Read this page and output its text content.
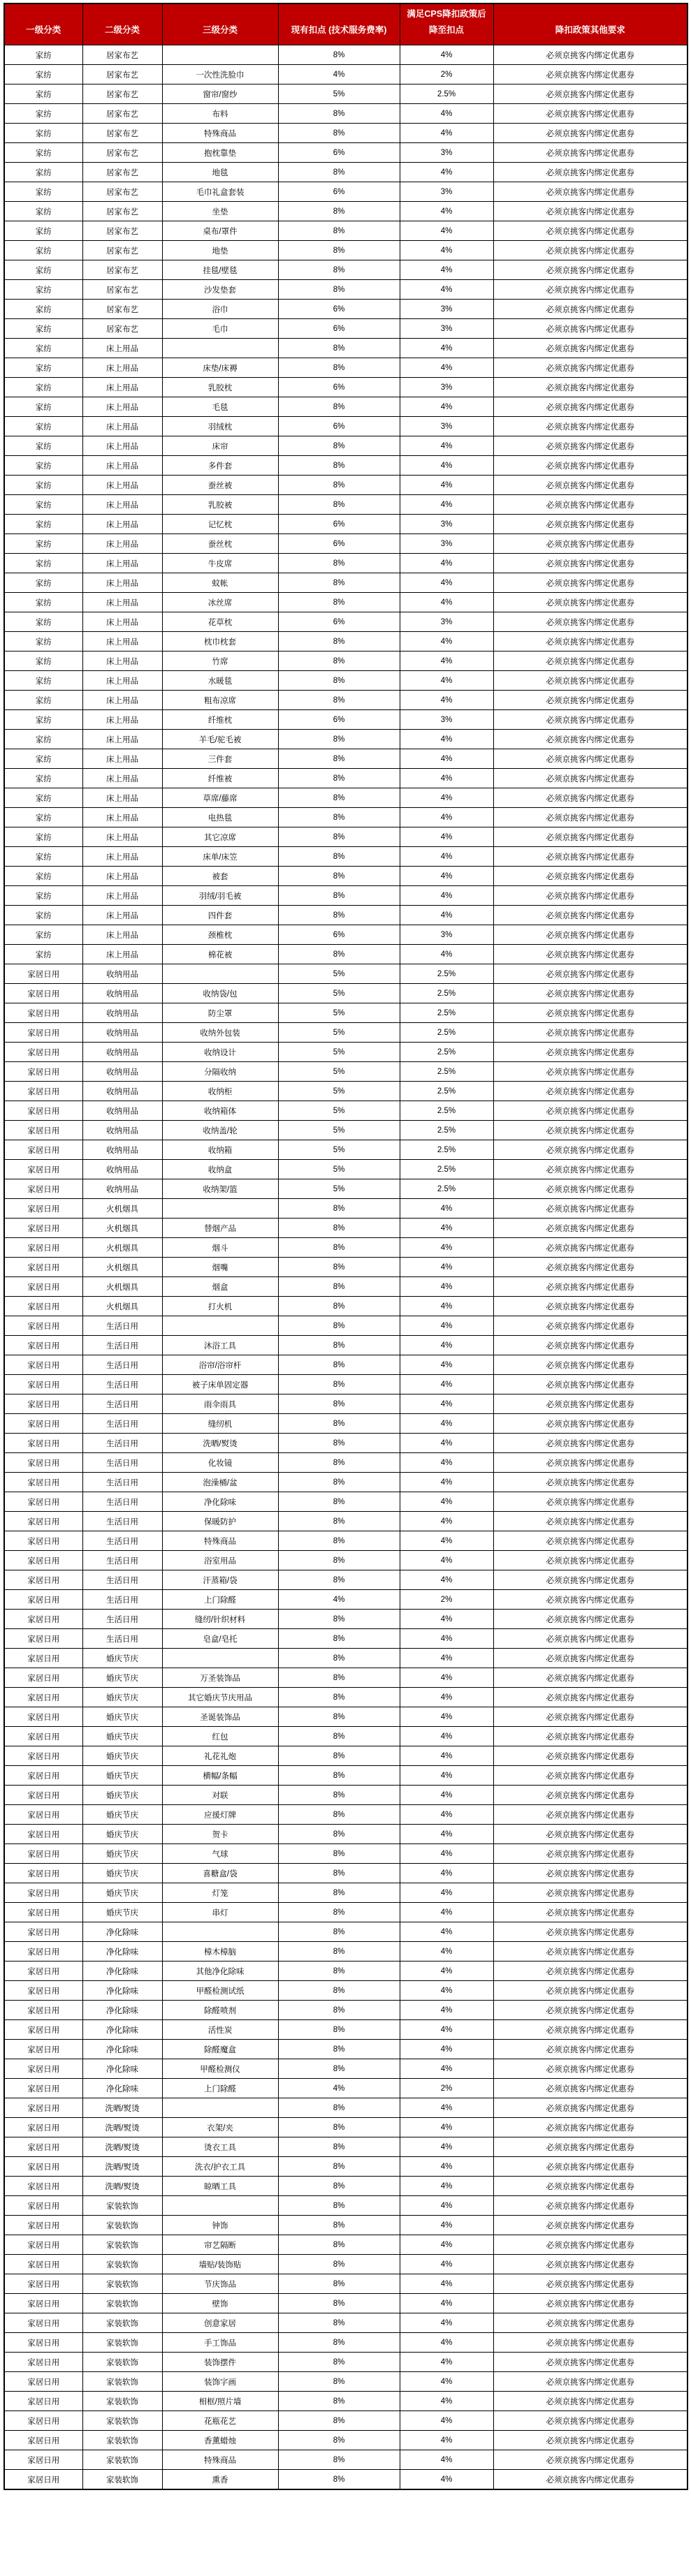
一级分类	二级分类	三级分类	现有扣点 (技术服务费率)	满足CPS降扣政策后降至扣点	降扣政策其他要求
家纺	居家布艺		8%	4%	必须京挑客内绑定优惠券
家纺	居家布艺	一次性洗脸巾	4%	2%	必须京挑客内绑定优惠券
家纺	居家布艺	窗帘/窗纱	5%	2.5%	必须京挑客内绑定优惠券
家纺	居家布艺	布料	8%	4%	必须京挑客内绑定优惠券
家纺	居家布艺	特殊商品	8%	4%	必须京挑客内绑定优惠券
家纺	居家布艺	抱枕靠垫	6%	3%	必须京挑客内绑定优惠券
家纺	居家布艺	地毯	8%	4%	必须京挑客内绑定优惠券
家纺	居家布艺	毛巾礼盒套装	6%	3%	必须京挑客内绑定优惠券
家纺	居家布艺	坐垫	8%	4%	必须京挑客内绑定优惠券
家纺	居家布艺	桌布/罩件	8%	4%	必须京挑客内绑定优惠券
家纺	居家布艺	地垫	8%	4%	必须京挑客内绑定优惠券
家纺	居家布艺	挂毯/壁毯	8%	4%	必须京挑客内绑定优惠券
家纺	居家布艺	沙发垫套	8%	4%	必须京挑客内绑定优惠券
家纺	居家布艺	浴巾	6%	3%	必须京挑客内绑定优惠券
家纺	居家布艺	毛巾	6%	3%	必须京挑客内绑定优惠券
家纺	床上用品		8%	4%	必须京挑客内绑定优惠券
家纺	床上用品	床垫/床褥	8%	4%	必须京挑客内绑定优惠券
家纺	床上用品	乳胶枕	6%	3%	必须京挑客内绑定优惠券
家纺	床上用品	毛毯	8%	4%	必须京挑客内绑定优惠券
家纺	床上用品	羽绒枕	6%	3%	必须京挑客内绑定优惠券
家纺	床上用品	床帘	8%	4%	必须京挑客内绑定优惠券
家纺	床上用品	多件套	8%	4%	必须京挑客内绑定优惠券
家纺	床上用品	蚕丝被	8%	4%	必须京挑客内绑定优惠券
家纺	床上用品	乳胶被	8%	4%	必须京挑客内绑定优惠券
家纺	床上用品	记忆枕	6%	3%	必须京挑客内绑定优惠券
家纺	床上用品	蚕丝枕	6%	3%	必须京挑客内绑定优惠券
家纺	床上用品	牛皮席	8%	4%	必须京挑客内绑定优惠券
家纺	床上用品	蚊帐	8%	4%	必须京挑客内绑定优惠券
家纺	床上用品	冰丝席	8%	4%	必须京挑客内绑定优惠券
家纺	床上用品	花草枕	6%	3%	必须京挑客内绑定优惠券
家纺	床上用品	枕巾枕套	8%	4%	必须京挑客内绑定优惠券
家纺	床上用品	竹席	8%	4%	必须京挑客内绑定优惠券
家纺	床上用品	水暖毯	8%	4%	必须京挑客内绑定优惠券
家纺	床上用品	粗布凉席	8%	4%	必须京挑客内绑定优惠券
家纺	床上用品	纤维枕	6%	3%	必须京挑客内绑定优惠券
家纺	床上用品	羊毛/驼毛被	8%	4%	必须京挑客内绑定优惠券
家纺	床上用品	三件套	8%	4%	必须京挑客内绑定优惠券
家纺	床上用品	纤维被	8%	4%	必须京挑客内绑定优惠券
家纺	床上用品	草席/藤席	8%	4%	必须京挑客内绑定优惠券
家纺	床上用品	电热毯	8%	4%	必须京挑客内绑定优惠券
家纺	床上用品	其它凉席	8%	4%	必须京挑客内绑定优惠券
家纺	床上用品	床单/床笠	8%	4%	必须京挑客内绑定优惠券
家纺	床上用品	被套	8%	4%	必须京挑客内绑定优惠券
家纺	床上用品	羽绒/羽毛被	8%	4%	必须京挑客内绑定优惠券
家纺	床上用品	四件套	8%	4%	必须京挑客内绑定优惠券
家纺	床上用品	颈椎枕	6%	3%	必须京挑客内绑定优惠券
家纺	床上用品	棉花被	8%	4%	必须京挑客内绑定优惠券
家居日用	收纳用品		5%	2.5%	必须京挑客内绑定优惠券
家居日用	收纳用品	收纳袋/包	5%	2.5%	必须京挑客内绑定优惠券
家居日用	收纳用品	防尘罩	5%	2.5%	必须京挑客内绑定优惠券
家居日用	收纳用品	收纳外包装	5%	2.5%	必须京挑客内绑定优惠券
家居日用	收纳用品	收纳设计	5%	2.5%	必须京挑客内绑定优惠券
家居日用	收纳用品	分隔收纳	5%	2.5%	必须京挑客内绑定优惠券
家居日用	收纳用品	收纳柜	5%	2.5%	必须京挑客内绑定优惠券
家居日用	收纳用品	收纳箱体	5%	2.5%	必须京挑客内绑定优惠券
家居日用	收纳用品	收纳盖/轮	5%	2.5%	必须京挑客内绑定优惠券
家居日用	收纳用品	收纳箱	5%	2.5%	必须京挑客内绑定优惠券
家居日用	收纳用品	收纳盒	5%	2.5%	必须京挑客内绑定优惠券
家居日用	收纳用品	收纳架/篮	5%	2.5%	必须京挑客内绑定优惠券
家居日用	火机烟具		8%	4%	必须京挑客内绑定优惠券
家居日用	火机烟具	替烟产品	8%	4%	必须京挑客内绑定优惠券
家居日用	火机烟具	烟斗	8%	4%	必须京挑客内绑定优惠券
家居日用	火机烟具	烟嘴	8%	4%	必须京挑客内绑定优惠券
家居日用	火机烟具	烟盒	8%	4%	必须京挑客内绑定优惠券
家居日用	火机烟具	打火机	8%	4%	必须京挑客内绑定优惠券
家居日用	生活日用		8%	4%	必须京挑客内绑定优惠券
家居日用	生活日用	沐浴工具	8%	4%	必须京挑客内绑定优惠券
家居日用	生活日用	浴帘/浴帘杆	8%	4%	必须京挑客内绑定优惠券
家居日用	生活日用	被子床单固定器	8%	4%	必须京挑客内绑定优惠券
家居日用	生活日用	雨伞雨具	8%	4%	必须京挑客内绑定优惠券
家居日用	生活日用	缝纫机	8%	4%	必须京挑客内绑定优惠券
家居日用	生活日用	洗晒/熨烫	8%	4%	必须京挑客内绑定优惠券
家居日用	生活日用	化妆镜	8%	4%	必须京挑客内绑定优惠券
家居日用	生活日用	泡澡桶/盆	8%	4%	必须京挑客内绑定优惠券
家居日用	生活日用	净化除味	8%	4%	必须京挑客内绑定优惠券
家居日用	生活日用	保暖防护	8%	4%	必须京挑客内绑定优惠券
家居日用	生活日用	特殊商品	8%	4%	必须京挑客内绑定优惠券
家居日用	生活日用	浴室用品	8%	4%	必须京挑客内绑定优惠券
家居日用	生活日用	汗蒸箱/袋	8%	4%	必须京挑客内绑定优惠券
家居日用	生活日用	上门除醛	4%	2%	必须京挑客内绑定优惠券
家居日用	生活日用	缝纫/针织材料	8%	4%	必须京挑客内绑定优惠券
家居日用	生活日用	皂盒/皂托	8%	4%	必须京挑客内绑定优惠券
家居日用	婚庆节庆		8%	4%	必须京挑客内绑定优惠券
家居日用	婚庆节庆	万圣装饰品	8%	4%	必须京挑客内绑定优惠券
家居日用	婚庆节庆	其它婚庆节庆用品	8%	4%	必须京挑客内绑定优惠券
家居日用	婚庆节庆	圣诞装饰品	8%	4%	必须京挑客内绑定优惠券
家居日用	婚庆节庆	红包	8%	4%	必须京挑客内绑定优惠券
家居日用	婚庆节庆	礼花礼炮	8%	4%	必须京挑客内绑定优惠券
家居日用	婚庆节庆	横幅/条幅	8%	4%	必须京挑客内绑定优惠券
家居日用	婚庆节庆	对联	8%	4%	必须京挑客内绑定优惠券
家居日用	婚庆节庆	应援灯牌	8%	4%	必须京挑客内绑定优惠券
家居日用	婚庆节庆	贺卡	8%	4%	必须京挑客内绑定优惠券
家居日用	婚庆节庆	气球	8%	4%	必须京挑客内绑定优惠券
家居日用	婚庆节庆	喜糖盒/袋	8%	4%	必须京挑客内绑定优惠券
家居日用	婚庆节庆	灯笼	8%	4%	必须京挑客内绑定优惠券
家居日用	婚庆节庆	串灯	8%	4%	必须京挑客内绑定优惠券
家居日用	净化除味		8%	4%	必须京挑客内绑定优惠券
家居日用	净化除味	樟木樟脑	8%	4%	必须京挑客内绑定优惠券
家居日用	净化除味	其他净化除味	8%	4%	必须京挑客内绑定优惠券
家居日用	净化除味	甲醛检测试纸	8%	4%	必须京挑客内绑定优惠券
家居日用	净化除味	除醛喷剂	8%	4%	必须京挑客内绑定优惠券
家居日用	净化除味	活性炭	8%	4%	必须京挑客内绑定优惠券
家居日用	净化除味	除醛魔盒	8%	4%	必须京挑客内绑定优惠券
家居日用	净化除味	甲醛检测仪	8%	4%	必须京挑客内绑定优惠券
家居日用	净化除味	上门除醛	4%	2%	必须京挑客内绑定优惠券
家居日用	洗晒/熨烫		8%	4%	必须京挑客内绑定优惠券
家居日用	洗晒/熨烫	衣架/夹	8%	4%	必须京挑客内绑定优惠券
家居日用	洗晒/熨烫	烫衣工具	8%	4%	必须京挑客内绑定优惠券
家居日用	洗晒/熨烫	洗衣/护衣工具	8%	4%	必须京挑客内绑定优惠券
家居日用	洗晒/熨烫	晾晒工具	8%	4%	必须京挑客内绑定优惠券
家居日用	家装软饰		8%	4%	必须京挑客内绑定优惠券
家居日用	家装软饰	钟饰	8%	4%	必须京挑客内绑定优惠券
家居日用	家装软饰	帘艺隔断	8%	4%	必须京挑客内绑定优惠券
家居日用	家装软饰	墙贴/装饰贴	8%	4%	必须京挑客内绑定优惠券
家居日用	家装软饰	节庆饰品	8%	4%	必须京挑客内绑定优惠券
家居日用	家装软饰	壁饰	8%	4%	必须京挑客内绑定优惠券
家居日用	家装软饰	创意家居	8%	4%	必须京挑客内绑定优惠券
家居日用	家装软饰	手工饰品	8%	4%	必须京挑客内绑定优惠券
家居日用	家装软饰	装饰摆件	8%	4%	必须京挑客内绑定优惠券
家居日用	家装软饰	装饰字画	8%	4%	必须京挑客内绑定优惠券
家居日用	家装软饰	相框/照片墙	8%	4%	必须京挑客内绑定优惠券
家居日用	家装软饰	花瓶花艺	8%	4%	必须京挑客内绑定优惠券
家居日用	家装软饰	香薰蜡烛	8%	4%	必须京挑客内绑定优惠券
家居日用	家装软饰	特殊商品	8%	4%	必须京挑客内绑定优惠券
家居日用	家装软饰	熏香	8%	4%	必须京挑客内绑定优惠券
